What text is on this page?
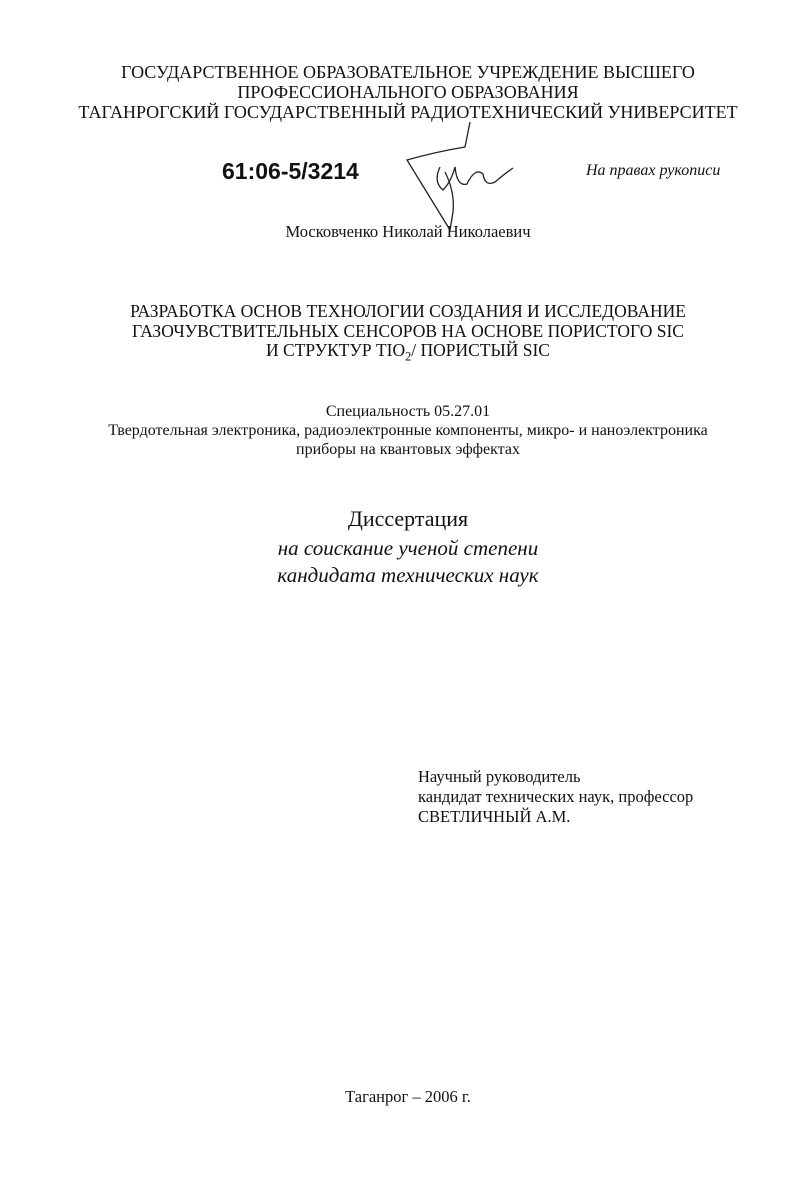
ГОСУДАРСТВЕННОЕ ОБРАЗОВАТЕЛЬНОЕ УЧРЕЖДЕНИЕ ВЫСШЕГО
ПРОФЕССИОНАЛЬНОГО ОБРАЗОВАНИЯ
ТАГАНРОГСКИЙ ГОСУДАРСТВЕННЫЙ РАДИОТЕХНИЧЕСКИЙ УНИВЕРСИТЕТ
61:06-5/3214	На правах рукописи
Московченко Николай Николаевич
РАЗРАБОТКА ОСНОВ ТЕХНОЛОГИИ СОЗДАНИЯ И ИССЛЕДОВАНИЕ
ГАЗОЧУВСТВИТЕЛЬНЫХ СЕНСОРОВ НА ОСНОВЕ ПОРИСТОГО SIC
И СТРУКТУР $TIO_2/$ ПОРИСТЫЙ SIC
Специальность 05.27.01
Твердотельная электроника, радиоэлектронные компоненты, микро- и наноэлектроника
приборы на квантовых эффектах
Диссертация
на соискание ученой степени
кандидата технических наук
Научный руководитель
кандидат технических наук, профессор
СВЕТЛИЧНЫЙ А.М.
Таганрог – 2006 г.
